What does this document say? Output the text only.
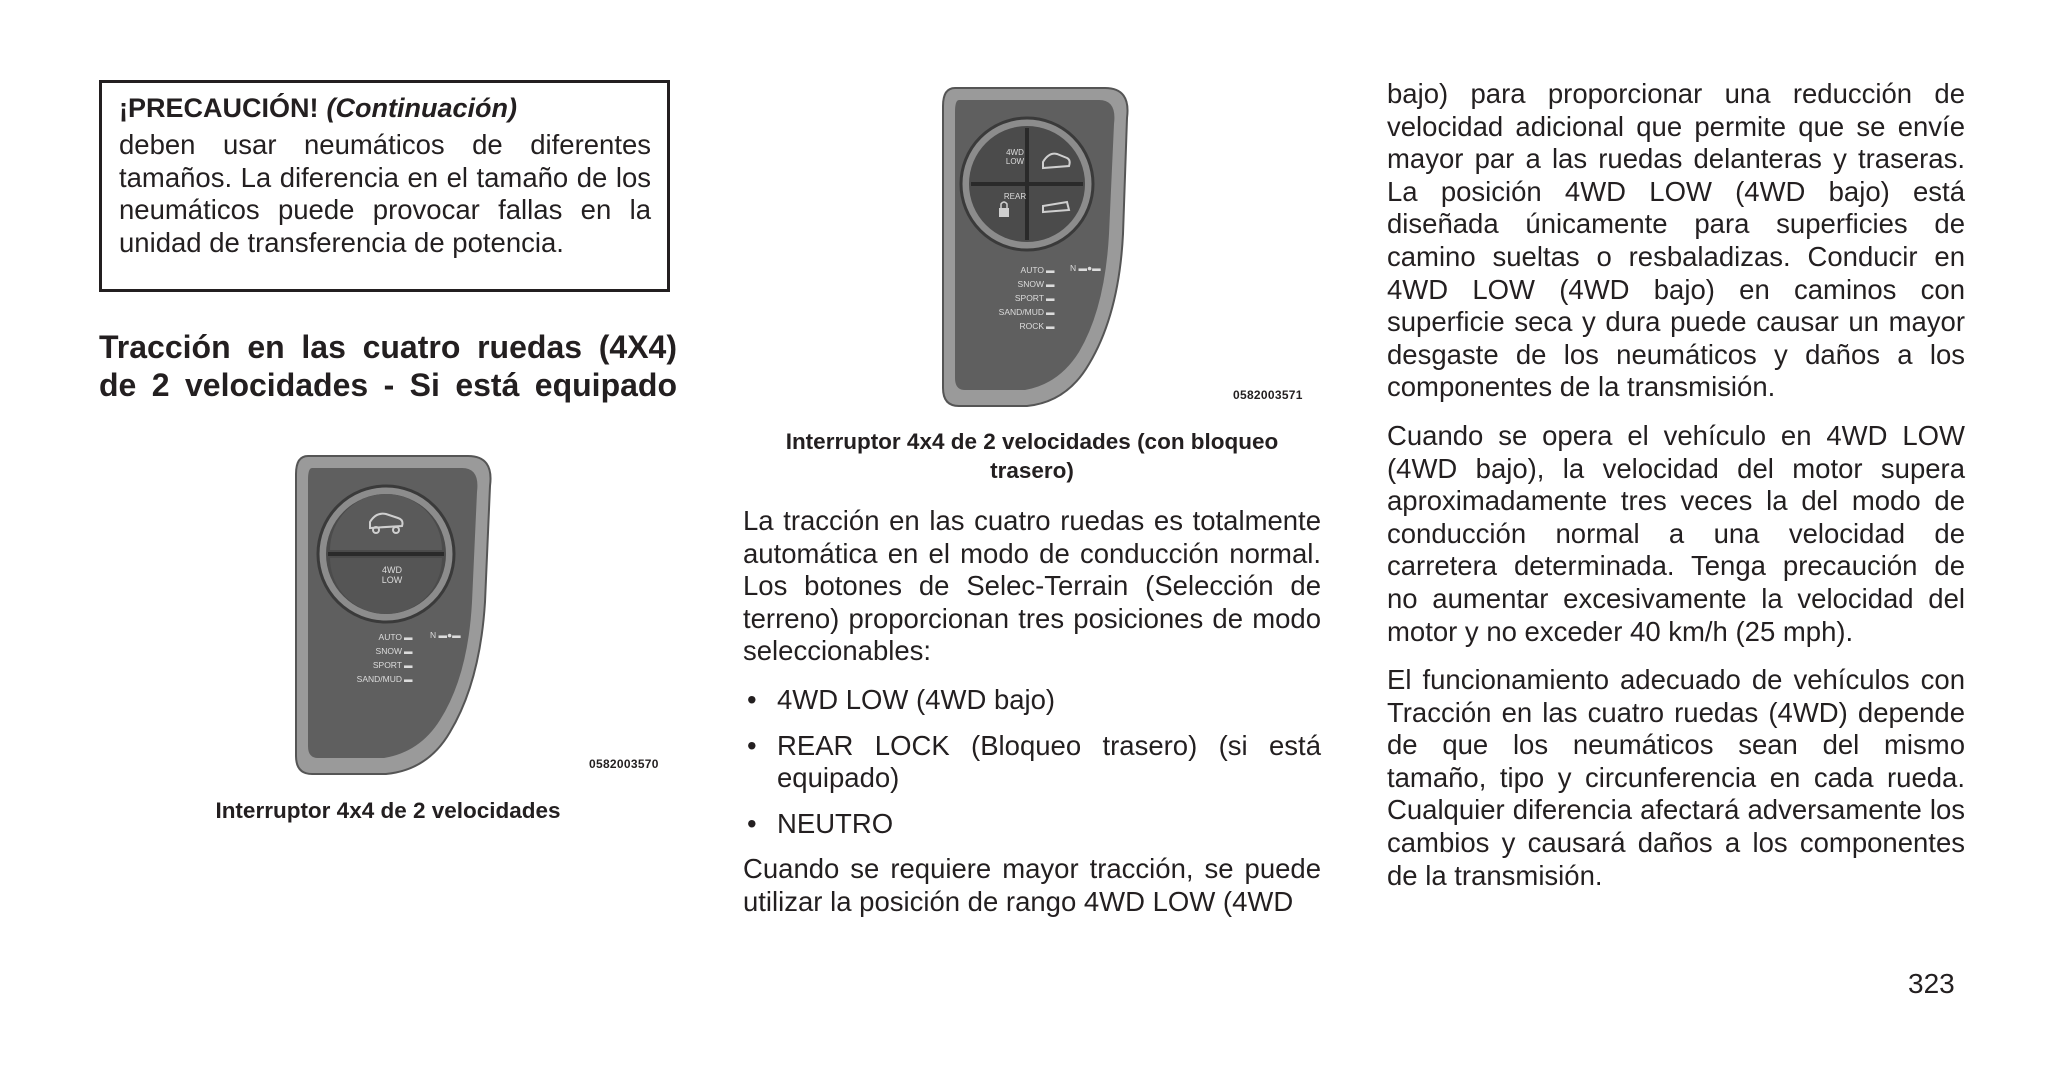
¡PRECAUCIÓN! (Continuación)

deben usar neumáticos de diferentes tamaños. La diferencia en el tamaño de los neumáticos puede provocar fallas en la unidad de transferencia de potencia.

Tracción en las cuatro ruedas (4X4)
de 2 velocidades - Si está equipado
4WD
LOW
AUTO
SNOW
SPORT
SAND/MUD
▬
▬
▬
▬
N ▬●▬
0582003570
Interruptor 4x4 de 2 velocidades
4WD
LOW
REAR
AUTO
SNOW
SPORT
SAND/MUD
ROCK
▬
▬
▬
▬
▬
N ▬●▬
0582003571
Interruptor 4x4 de 2 velocidades (con bloqueo
trasero)

La tracción en las cuatro ruedas es totalmente automática en el modo de conducción normal. Los botones de Selec-Terrain (Selección de terreno) proporcionan tres posiciones de modo seleccionables:

• 4WD LOW (4WD bajo)
• REAR LOCK (Bloqueo trasero) (si está equipado)
• NEUTRO

Cuando se requiere mayor tracción, se puede utilizar la posición de rango 4WD LOW (4WD

bajo) para proporcionar una reducción de velocidad adicional que permite que se envíe mayor par a las ruedas delanteras y traseras. La posición 4WD LOW (4WD bajo) está diseñada únicamente para superficies de camino sueltas o resbaladizas. Conducir en 4WD LOW (4WD bajo) en caminos con superficie seca y dura puede causar un mayor desgaste de los neumáticos y daños a los componentes de la transmisión.

Cuando se opera el vehículo en 4WD LOW (4WD bajo), la velocidad del motor supera aproximadamente tres veces la del modo de conducción normal a una velocidad de carretera determinada. Tenga precaución de no aumentar excesivamente la velocidad del motor y no exceder 40 km/h (25 mph).

El funcionamiento adecuado de vehículos con Tracción en las cuatro ruedas (4WD) depende de que los neumáticos sean del mismo tamaño, tipo y circunferencia en cada rueda. Cualquier diferencia afectará adversamente los cambios y causará daños a los componentes de la transmisión.

323
